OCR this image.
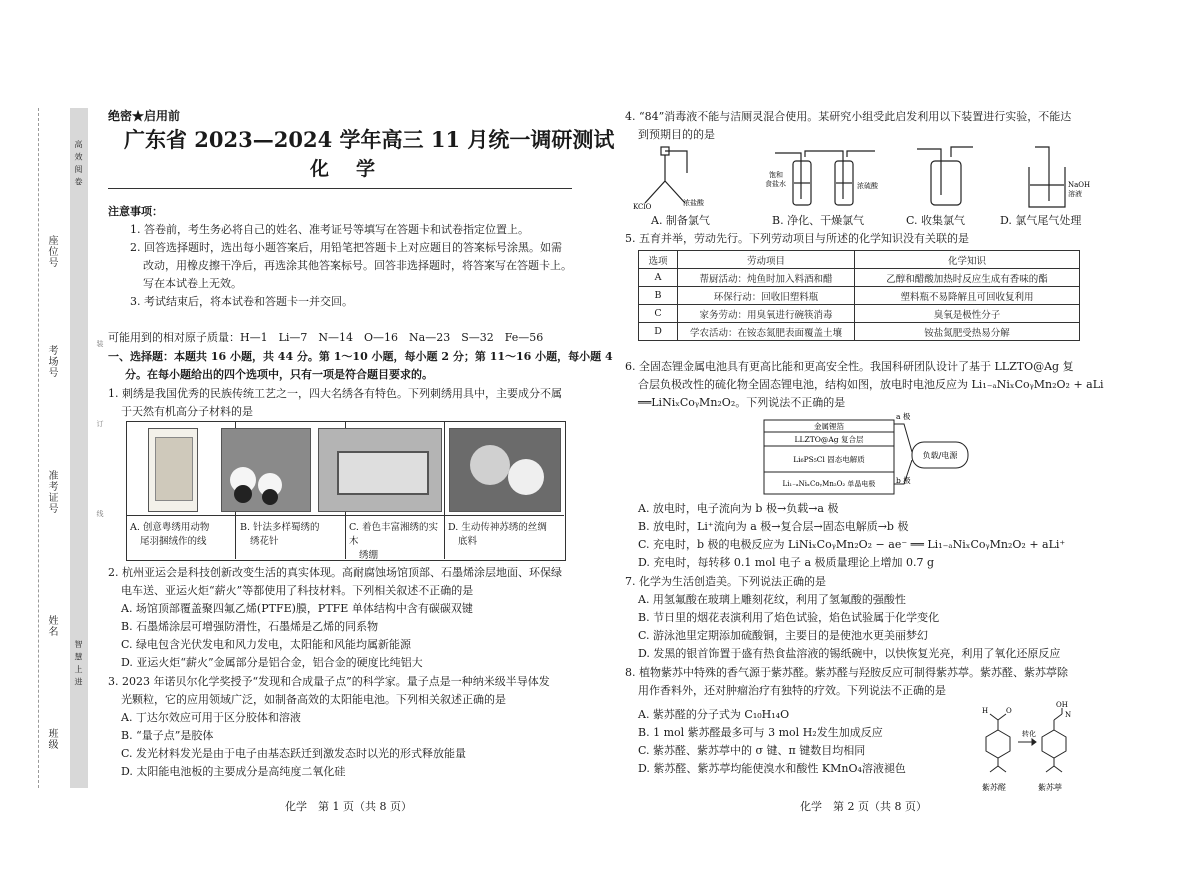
座位号
考场号
准考证号
姓名
班级
高 效 阅 卷
智 慧 上 进
装
订
线
绝密★启用前
广东省 2023—2024 学年高三 11 月统一调研测试
化　学
注意事项：
1. 答卷前，考生务必将自己的姓名、准考证号等填写在答题卡和试卷指定位置上。
2. 回答选择题时，选出每小题答案后，用铅笔把答题卡上对应题目的答案标号涂黑。如需
改动，用橡皮擦干净后，再选涂其他答案标号。回答非选择题时，将答案写在答题卡上。
写在本试卷上无效。
3. 考试结束后，将本试卷和答题卡一并交回。
可能用到的相对原子质量：H—1　Li—7　N—14　O—16　Na—23　S—32　Fe—56
一、选择题：本题共 16 小题，共 44 分。第 1～10 小题，每小题 2 分；第 11～16 小题，每小题 4
分。在每小题给出的四个选项中，只有一项是符合题目要求的。
1. 刺绣是我国优秀的民族传统工艺之一，四大名绣各有特色。下列刺绣用具中，主要成分不属
于天然有机高分子材料的是
A. 创意粤绣用动物
尾羽捆绒作的线
B. 针法多样蜀绣的
绣花针
C. 着色丰富湘绣的实木
绣绷
D. 生动传神苏绣的丝绸
底料
2. 杭州亚运会是科技创新改变生活的真实体现。高耐腐蚀场馆顶部、石墨烯涂层地面、环保绿
电车送、亚运火炬“薪火”等都使用了科技材料。下列相关叙述不正确的是
A. 场馆顶部覆盖聚四氟乙烯(PTFE)膜，PTFE 单体结构中含有碳碳双键
B. 石墨烯涂层可增强防滑性，石墨烯是乙烯的同系物
C. 绿电包含光伏发电和风力发电，太阳能和风能均属新能源
D. 亚运火炬“薪火”金属部分是铝合金，铝合金的硬度比纯铝大
3. 2023 年诺贝尔化学奖授予“发现和合成量子点”的科学家。量子点是一种纳米级半导体发
光颗粒，它的应用领域广泛，如制备高效的太阳能电池。下列相关叙述正确的是
A. 丁达尔效应可用于区分胶体和溶液
B. “量子点”是胶体
C. 发光材料发光是由于电子由基态跃迁到激发态时以光的形式释放能量
D. 太阳能电池板的主要成分是高纯度二氧化硅
化学　第 1 页（共 8 页）
4. “84”消毒液不能与洁厕灵混合使用。某研究小组受此启发利用以下装置进行实验，不能达
到预期目的的是
KClO	浓盐酸
饱和
食盐水	浓硫酸	NaOH
溶液
A. 制备氯气	B. 净化、干燥氯气	C. 收集氯气	D. 氯气尾气处理
5. 五育并举，劳动先行。下列劳动项目与所述的化学知识没有关联的是
选项	劳动项目	化学知识
A	帮厨活动：炖鱼时加入料酒和醋	乙醇和醋酸加热时反应生成有香味的酯
B	环保行动：回收旧塑料瓶	塑料瓶不易降解且可回收复利用
C	家务劳动：用臭氧进行碗筷消毒	臭氧是极性分子
D	学农活动：在铵态氮肥表面覆盖土壤	铵盐氮肥受热易分解
6. 全固态锂金属电池具有更高比能和更高安全性。我国科研团队设计了基于 LLZTO@Ag 复
合层负极改性的硫化物全固态锂电池，结构如图，放电时电池反应为 Li₁₋ₐNiₓCoᵧMn₂O₂ + aLi
══LiNiₓCoᵧMn₂O₂。下列说法不正确的是
金属锂箔
LLZTO@Ag 复合层
Li₆PS₅Cl 固态电解质
Li₁₋ₐNiₓCoᵧMn₂O₂ 单晶电极
负载/电源
a 极
b 极
A. 放电时，电子流向为 b 极→负载→a 极
B. 放电时，Li⁺流向为 a 极→复合层→固态电解质→b 极
C. 充电时，b 极的电极反应为 LiNiₓCoᵧMn₂O₂ − ae⁻ ══ Li₁₋ₐNiₓCoᵧMn₂O₂ + aLi⁺
D. 充电时，每转移 0.1 mol 电子 a 极质量理论上增加 0.7 g
7. 化学为生活创造美。下列说法正确的是
A. 用氢氟酸在玻璃上雕刻花纹，利用了氢氟酸的强酸性
B. 节日里的烟花表演利用了焰色试验，焰色试验属于化学变化
C. 游泳池里定期添加硫酸铜，主要目的是使池水更美丽梦幻
D. 发黑的银首饰置于盛有热食盐溶液的锡纸碗中，以快恢复光亮，利用了氧化还原反应
8. 植物紫苏中特殊的香气源于紫苏醛。紫苏醛与羟胺反应可制得紫苏葶。紫苏醛、紫苏葶除
用作香料外，还对肿瘤治疗有独特的疗效。下列说法不正确的是
A. 紫苏醛的分子式为 C₁₀H₁₄O
B. 1 mol 紫苏醛最多可与 3 mol H₂发生加成反应
C. 紫苏醛、紫苏葶中的 σ 键、π 键数目均相同
D. 紫苏醛、紫苏葶均能使溴水和酸性 KMnO₄溶液褪色
H	O	N
OH
转化
紫苏醛	紫苏葶
化学　第 2 页（共 8 页）
